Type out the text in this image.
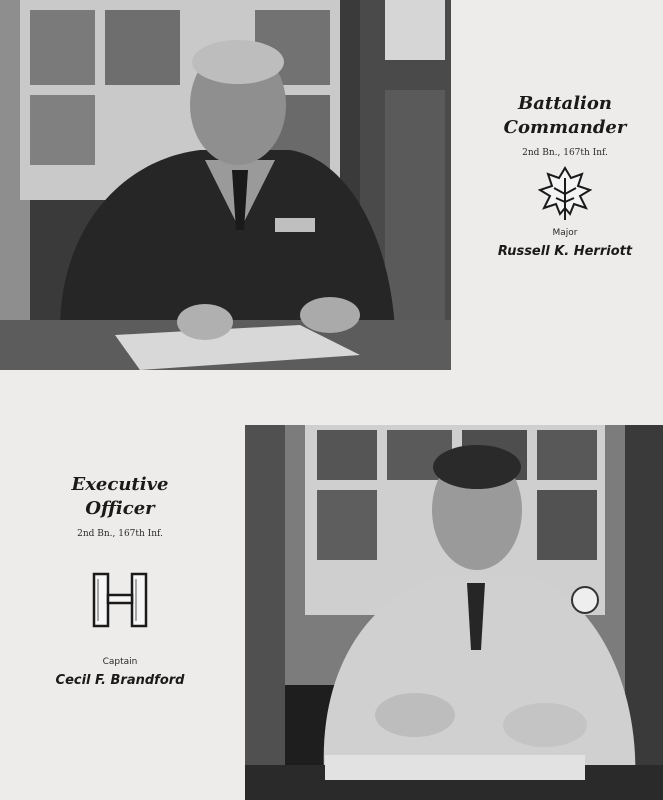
Battalion
Commander
2nd Bn., 167th Inf.
Major
Russell K. Herriott
Executive
Officer
2nd Bn., 167th Inf.
Captain
Cecil F. Brandford
